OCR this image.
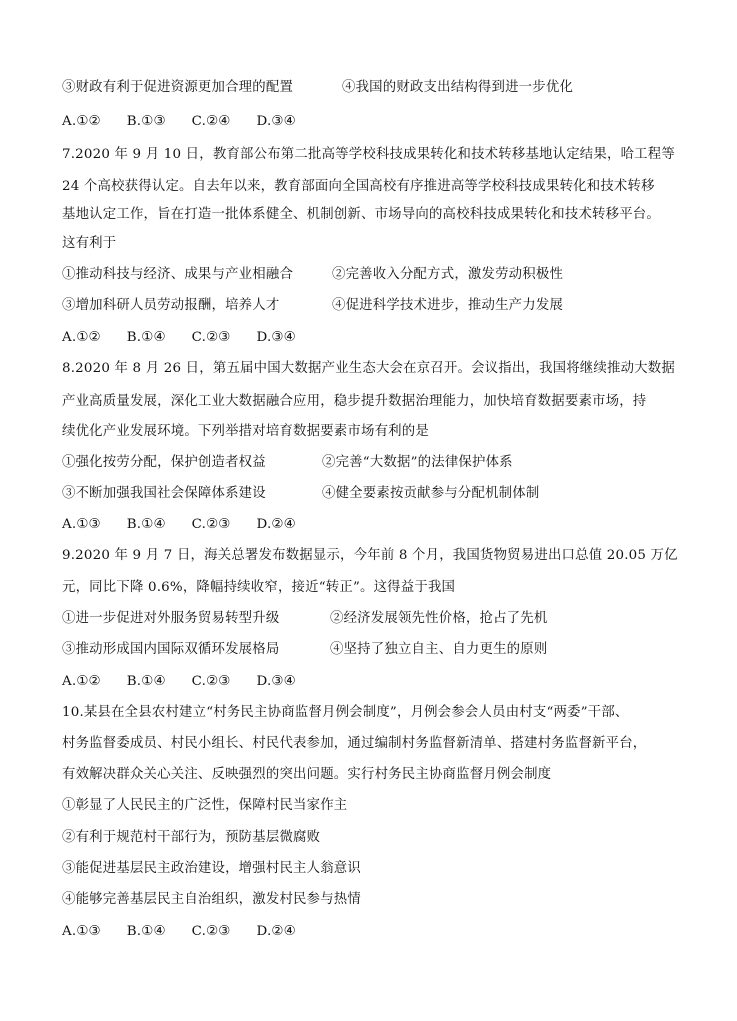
③财政有利于促进资源更加合理的配置	④我国的财政支出结构得到进一步优化
A.①② B.①③ C.②④ D.③④
7.2020 年 9 月 10 日，教育部公布第二批高等学校科技成果转化和技术转移基地认定结果，哈工程等
24 个高校获得认定。自去年以来，教育部面向全国高校有序推进高等学校科技成果转化和技术转移
基地认定工作，旨在打造一批体系健全、机制创新、市场导向的高校科技成果转化和技术转移平台。
这有利于
①推动科技与经济、成果与产业相融合	②完善收入分配方式，激发劳动积极性
③增加科研人员劳动报酬，培养人才	④促进科学技术进步，推动生产力发展
A.①② B.①④ C.②③ D.③④
8.2020 年 8 月 26 日，第五届中国大数据产业生态大会在京召开。会议指出，我国将继续推动大数据
产业高质量发展，深化工业大数据融合应用，稳步提升数据治理能力，加快培育数据要素市场，持
续优化产业发展环境。下列举措对培育数据要素市场有利的是
①强化按劳分配，保护创造者权益	②完善“大数据”的法律保护体系
③不断加强我国社会保障体系建设	④健全要素按贡献参与分配机制体制
A.①③ B.①④ C.②③ D.②④
9.2020 年 9 月 7 日，海关总署发布数据显示，今年前 8 个月，我国货物贸易进出口总值 20.05 万亿
元，同比下降 0.6%，降幅持续收窄，接近“转正”。这得益于我国
①进一步促进对外服务贸易转型升级	②经济发展领先性价格，抢占了先机
③推动形成国内国际双循环发展格局	④坚持了独立自主、自力更生的原则
A.①② B.①④ C.②③ D.③④
10.某县在全县农村建立“村务民主协商监督月例会制度”，月例会参会人员由村支“两委”干部、
村务监督委成员、村民小组长、村民代表参加，通过编制村务监督新清单、搭建村务监督新平台，
有效解决群众关心关注、反映强烈的突出问题。实行村务民主协商监督月例会制度
①彰显了人民民主的广泛性，保障村民当家作主
②有利于规范村干部行为，预防基层微腐败
③能促进基层民主政治建设，增强村民主人翁意识
④能够完善基层民主自治组织，激发村民参与热情
A.①③ B.①④ C.②③ D.②④
